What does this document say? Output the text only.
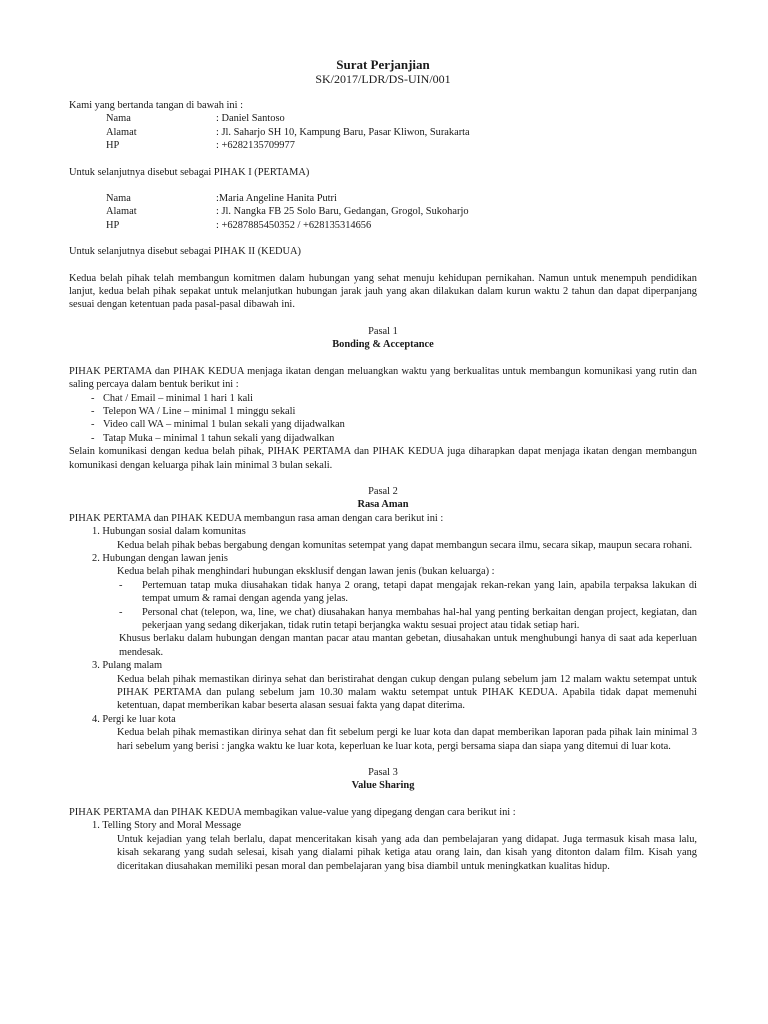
Surat Perjanjian
SK/2017/LDR/DS-UIN/001

Kami yang bertanda tangan di bawah ini :

Nama	: Daniel Santoso
Alamat	: Jl. Saharjo SH 10, Kampung Baru, Pasar Kliwon, Surakarta
HP	: +6282135709977

Untuk selanjutnya disebut sebagai PIHAK I (PERTAMA)

Nama	:Maria Angeline Hanita Putri
Alamat	: Jl. Nangka FB 25 Solo Baru, Gedangan, Grogol, Sukoharjo
HP	: +6287885450352 / +628135314656

Untuk selanjutnya disebut sebagai PIHAK II (KEDUA)

Kedua belah pihak telah membangun komitmen dalam hubungan yang sehat menuju kehidupan pernikahan. Namun untuk menempuh pendidikan lanjut, kedua belah pihak sepakat untuk melanjutkan hubungan jarak jauh yang akan dilakukan dalam kurun waktu 2 tahun dan dapat diperpanjang sesuai dengan ketentuan pada pasal-pasal dibawah ini.

Pasal 1
Bonding & Acceptance

PIHAK PERTAMA dan PIHAK KEDUA menjaga ikatan dengan meluangkan waktu yang berkualitas untuk membangun komunikasi yang rutin dan saling percaya dalam bentuk berikut ini :

- Chat / Email – minimal 1 hari 1 kali
- Telepon WA / Line – minimal 1 minggu sekali
- Video call WA – minimal 1 bulan sekali yang dijadwalkan
- Tatap Muka – minimal 1 tahun sekali yang dijadwalkan

Selain komunikasi dengan kedua belah pihak, PIHAK PERTAMA dan PIHAK KEDUA juga diharapkan dapat menjaga ikatan dengan membangun komunikasi dengan keluarga pihak lain minimal 3 bulan sekali.

Pasal 2
Rasa Aman

PIHAK PERTAMA dan PIHAK KEDUA membangun rasa aman dengan cara berikut ini :

1. Hubungan sosial dalam komunitas

Kedua belah pihak bebas bergabung dengan komunitas setempat yang dapat membangun secara ilmu, secara sikap, maupun secara rohani.

2. Hubungan dengan lawan jenis

Kedua belah pihak menghindari hubungan eksklusif dengan lawan jenis (bukan keluarga) :

-	Pertemuan tatap muka diusahakan tidak hanya 2 orang, tetapi dapat mengajak rekan-rekan yang lain, apabila terpaksa lakukan di tempat umum & ramai dengan agenda yang jelas.
-	Personal chat (telepon, wa, line, we chat) diusahakan hanya membahas hal-hal yang penting berkaitan dengan project, kegiatan, dan pekerjaan yang sedang dikerjakan, tidak rutin tetapi berjangka waktu sesuai project atau tidak setiap hari.

Khusus berlaku dalam hubungan dengan mantan pacar atau mantan gebetan, diusahakan untuk menghubungi hanya di saat ada keperluan mendesak.

3. Pulang malam

Kedua belah pihak memastikan dirinya sehat dan beristirahat dengan cukup dengan pulang sebelum jam 12 malam waktu setempat untuk PIHAK PERTAMA dan pulang sebelum jam 10.30 malam waktu setempat untuk PIHAK KEDUA. Apabila tidak dapat memenuhi ketentuan, dapat memberikan kabar beserta alasan sesuai fakta yang dapat diterima.

4. Pergi ke luar kota

Kedua belah pihak memastikan dirinya sehat dan fit sebelum pergi ke luar kota dan dapat memberikan laporan pada pihak lain minimal 3 hari sebelum yang berisi : jangka waktu ke luar kota, keperluan ke luar kota, pergi bersama siapa dan siapa yang ditemui di luar kota.

Pasal 3
Value Sharing

PIHAK PERTAMA dan PIHAK KEDUA membagikan value-value yang dipegang dengan cara berikut ini :

1. Telling Story and Moral Message

Untuk kejadian yang telah berlalu, dapat menceritakan kisah yang ada dan pembelajaran yang didapat. Juga termasuk kisah masa lalu, kisah sekarang yang sudah selesai, kisah yang dialami pihak ketiga atau orang lain, dan kisah yang ditonton dalam film. Kisah yang diceritakan diusahakan memiliki pesan moral dan pembelajaran yang bisa diambil untuk meningkatkan kualitas hidup.
